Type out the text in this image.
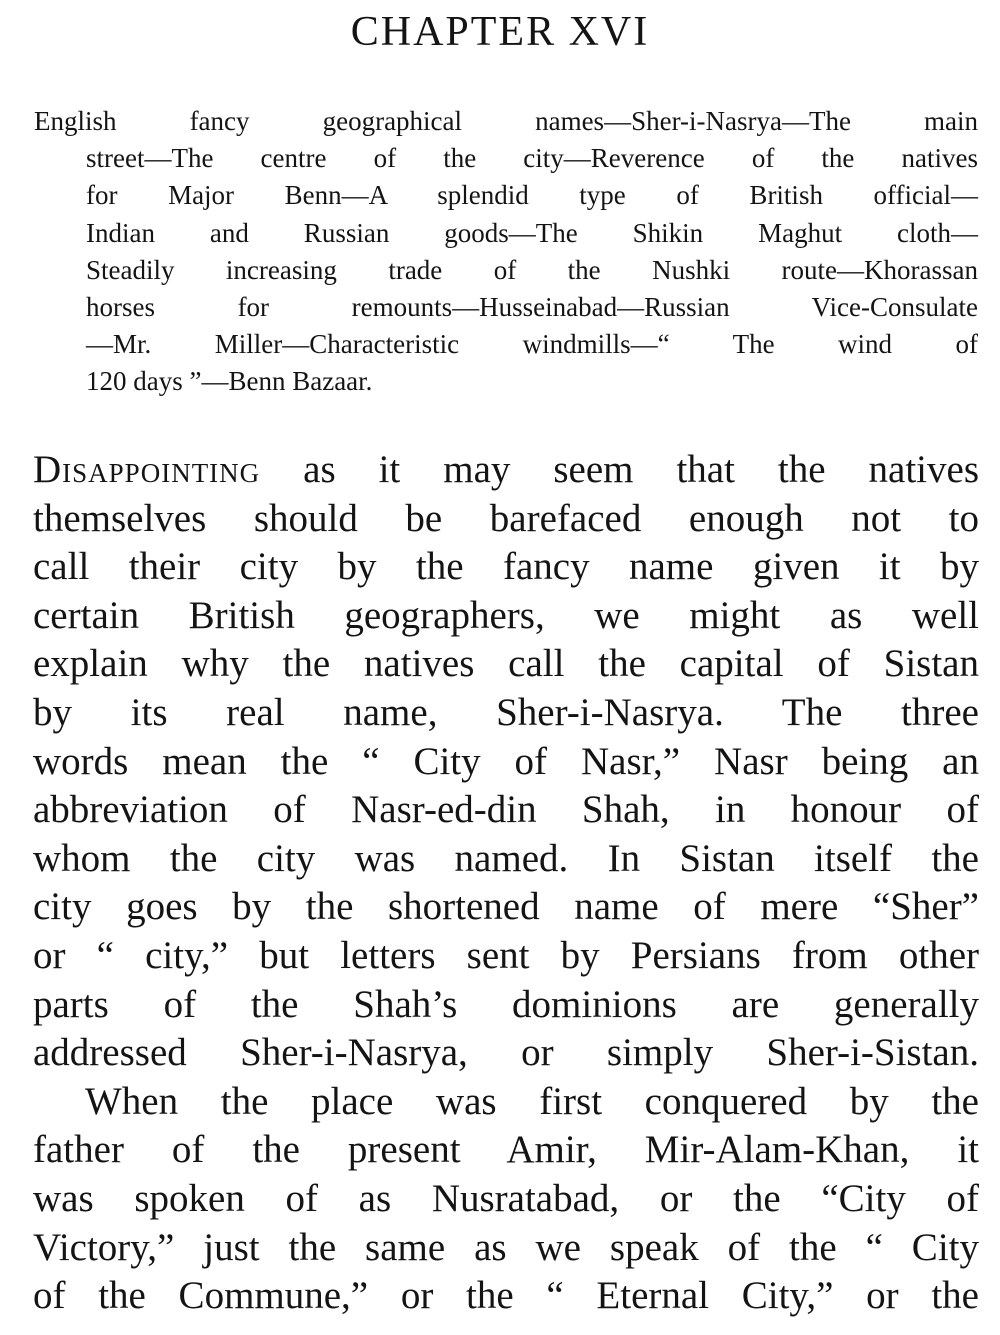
CHAPTER XVI
English fancy geographical names—Sher-i-Nasrya—The main
street—The centre of the city—Reverence of the natives
for Major Benn—A splendid type of British official—
Indian and Russian goods—The Shikin Maghut cloth—
Steadily increasing trade of the Nushki route—Khorassan
horses for remounts—Husseinabad—Russian Vice-Consulate
—Mr. Miller—Characteristic windmills—“ The wind of
120 days ”—Benn Bazaar.
Disappointing as it may seem that the natives
themselves should be barefaced enough not to
call their city by the fancy name given it by
certain British geographers, we might as well
explain why the natives call the capital of Sistan
by its real name, Sher-i-Nasrya. The three
words mean the “ City of Nasr,” Nasr being an
abbreviation of Nasr-ed-din Shah, in honour of
whom the city was named. In Sistan itself the
city goes by the shortened name of mere “Sher”
or “ city,” but letters sent by Persians from other
parts of the Shah’s dominions are generally
addressed Sher-i-Nasrya, or simply Sher-i-Sistan.
When the place was first conquered by the
father of the present Amir, Mir-Alam-Khan, it
was spoken of as Nusratabad, or the “City of
Victory,” just the same as we speak of the “ City
of the Commune,” or the “ Eternal City,” or the
